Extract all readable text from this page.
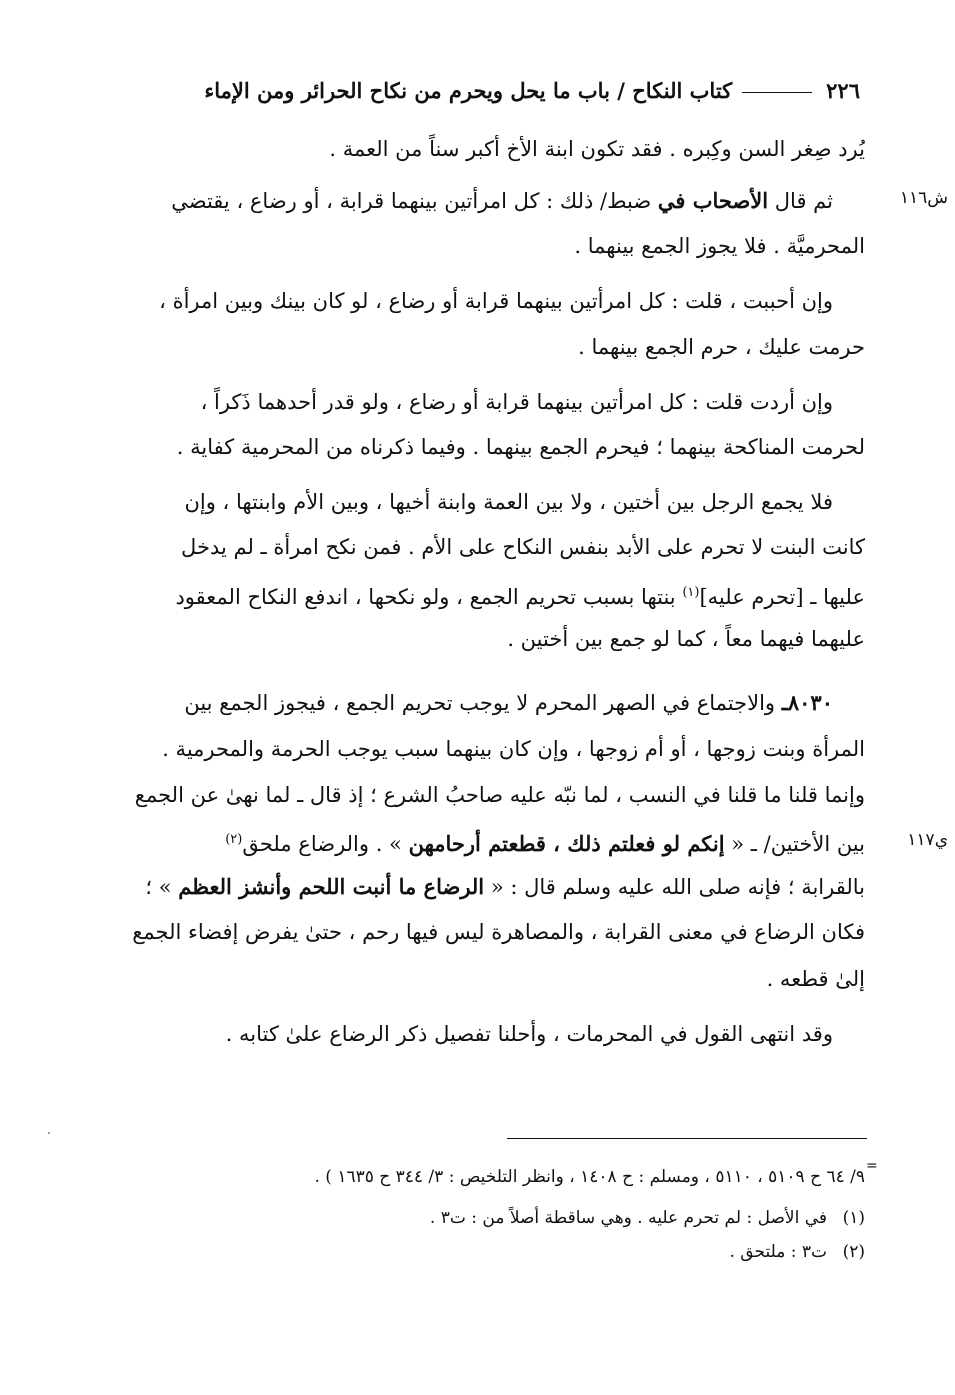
٢٢٦كتاب النكاح / باب ما يحل ويحرم من نكاح الحرائر ومن الإماء
يُرد صِغر السن وكِبره . فقد تكون ابنة الأخ أكبر سناً من العمة .
ش١١٦
ثم قال الأصحاب في ضبط/ ذلك : كل امرأتين بينهما قرابة ، أو رضاع ، يقتضي
المحرميَّة . فلا يجوز الجمع بينهما .
وإن أحببت ، قلت : كل امرأتين بينهما قرابة أو رضاع ، لو كان بينك وبين امرأة ،
حرمت عليك ، حرم الجمع بينهما .
وإن أردت قلت : كل امرأتين بينهما قرابة أو رضاع ، ولو قدر أحدهما ذَكراً ،
لحرمت المناكحة بينهما ؛ فيحرم الجمع بينهما . وفيما ذكرناه من المحرمية كفاية .
فلا يجمع الرجل بين أختين ، ولا بين العمة وابنة أخيها ، وبين الأم وابنتها ، وإن
كانت البنت لا تحرم على الأبد بنفس النكاح على الأم . فمن نكح امرأة ـ لم يدخل
عليها ـ [تحرم عليه]$^{(١)}$ بنتها بسبب تحريم الجمع ، ولو نكحها ، اندفع النكاح المعقود
عليهما فيهما معاً ، كما لو جمع بين أختين .
٨٠٣٠ـ والاجتماع في الصهر المحرم لا يوجب تحريم الجمع ، فيجوز الجمع بين
المرأة وبنت زوجها ، أو أم زوجها ، وإن كان بينهما سبب يوجب الحرمة والمحرمية .
وإنما قلنا ما قلنا في النسب ، لما نبّه عليه صاحبُ الشرع ؛ إذ قال ـ لما نهىٰ عن الجمع
ي١١٧
بين الأختين/ ـ « إنكم لو فعلتم ذلك ، قطعتم أرحامهن » . والرضاع ملحق$^{(٢)}$
بالقرابة ؛ فإنه صلى الله عليه وسلم قال : « الرضاع ما أنبت اللحم وأنشز العظم » ؛
فكان الرضاع في معنى القرابة ، والمصاهرة ليس فيها رحم ، حتىٰ يفرض إفضاء الجمع
إلىٰ قطعه .
وقد انتهى القول في المحرمات ، وأحلنا تفصيل ذكر الرضاع علىٰ كتابه .
=
٩/ ٦٤ ح ٥١٠٩ ، ٥١١٠ ، ومسلم : ح ١٤٠٨ ، وانظر التلخيص : ٣/ ٣٤٤ ح ١٦٣٥ ) .
(١)في الأصل : لم تحرم عليه . وهي ساقطة أصلاً من : ت٣ .
(٢)ت٣ : ملتحق .
